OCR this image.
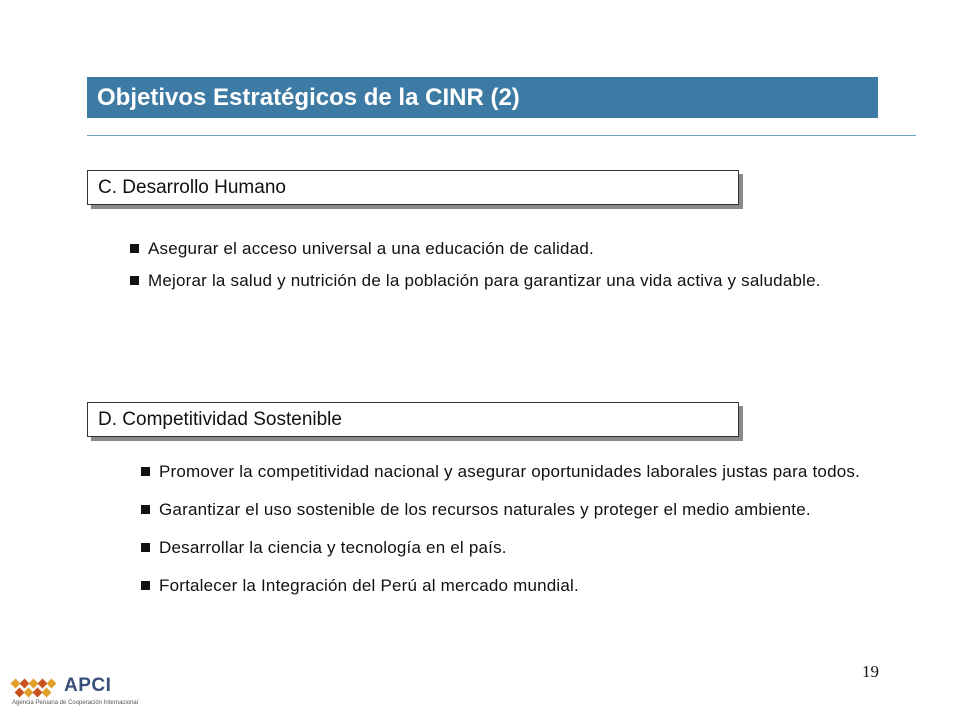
Objetivos Estratégicos de la CINR (2)
C. Desarrollo Humano
Asegurar el acceso universal a una educación de calidad.
Mejorar la salud y nutrición de la población para garantizar una vida activa y saludable.
D. Competitividad Sostenible
Promover la competitividad nacional y asegurar oportunidades laborales justas para todos.
Garantizar el uso sostenible de los recursos naturales y proteger el medio ambiente.
Desarrollar la ciencia y tecnología en el país.
Fortalecer la Integración del Perú al mercado mundial.
19
APCI
Agencia Peruana de Cooperación Internacional
